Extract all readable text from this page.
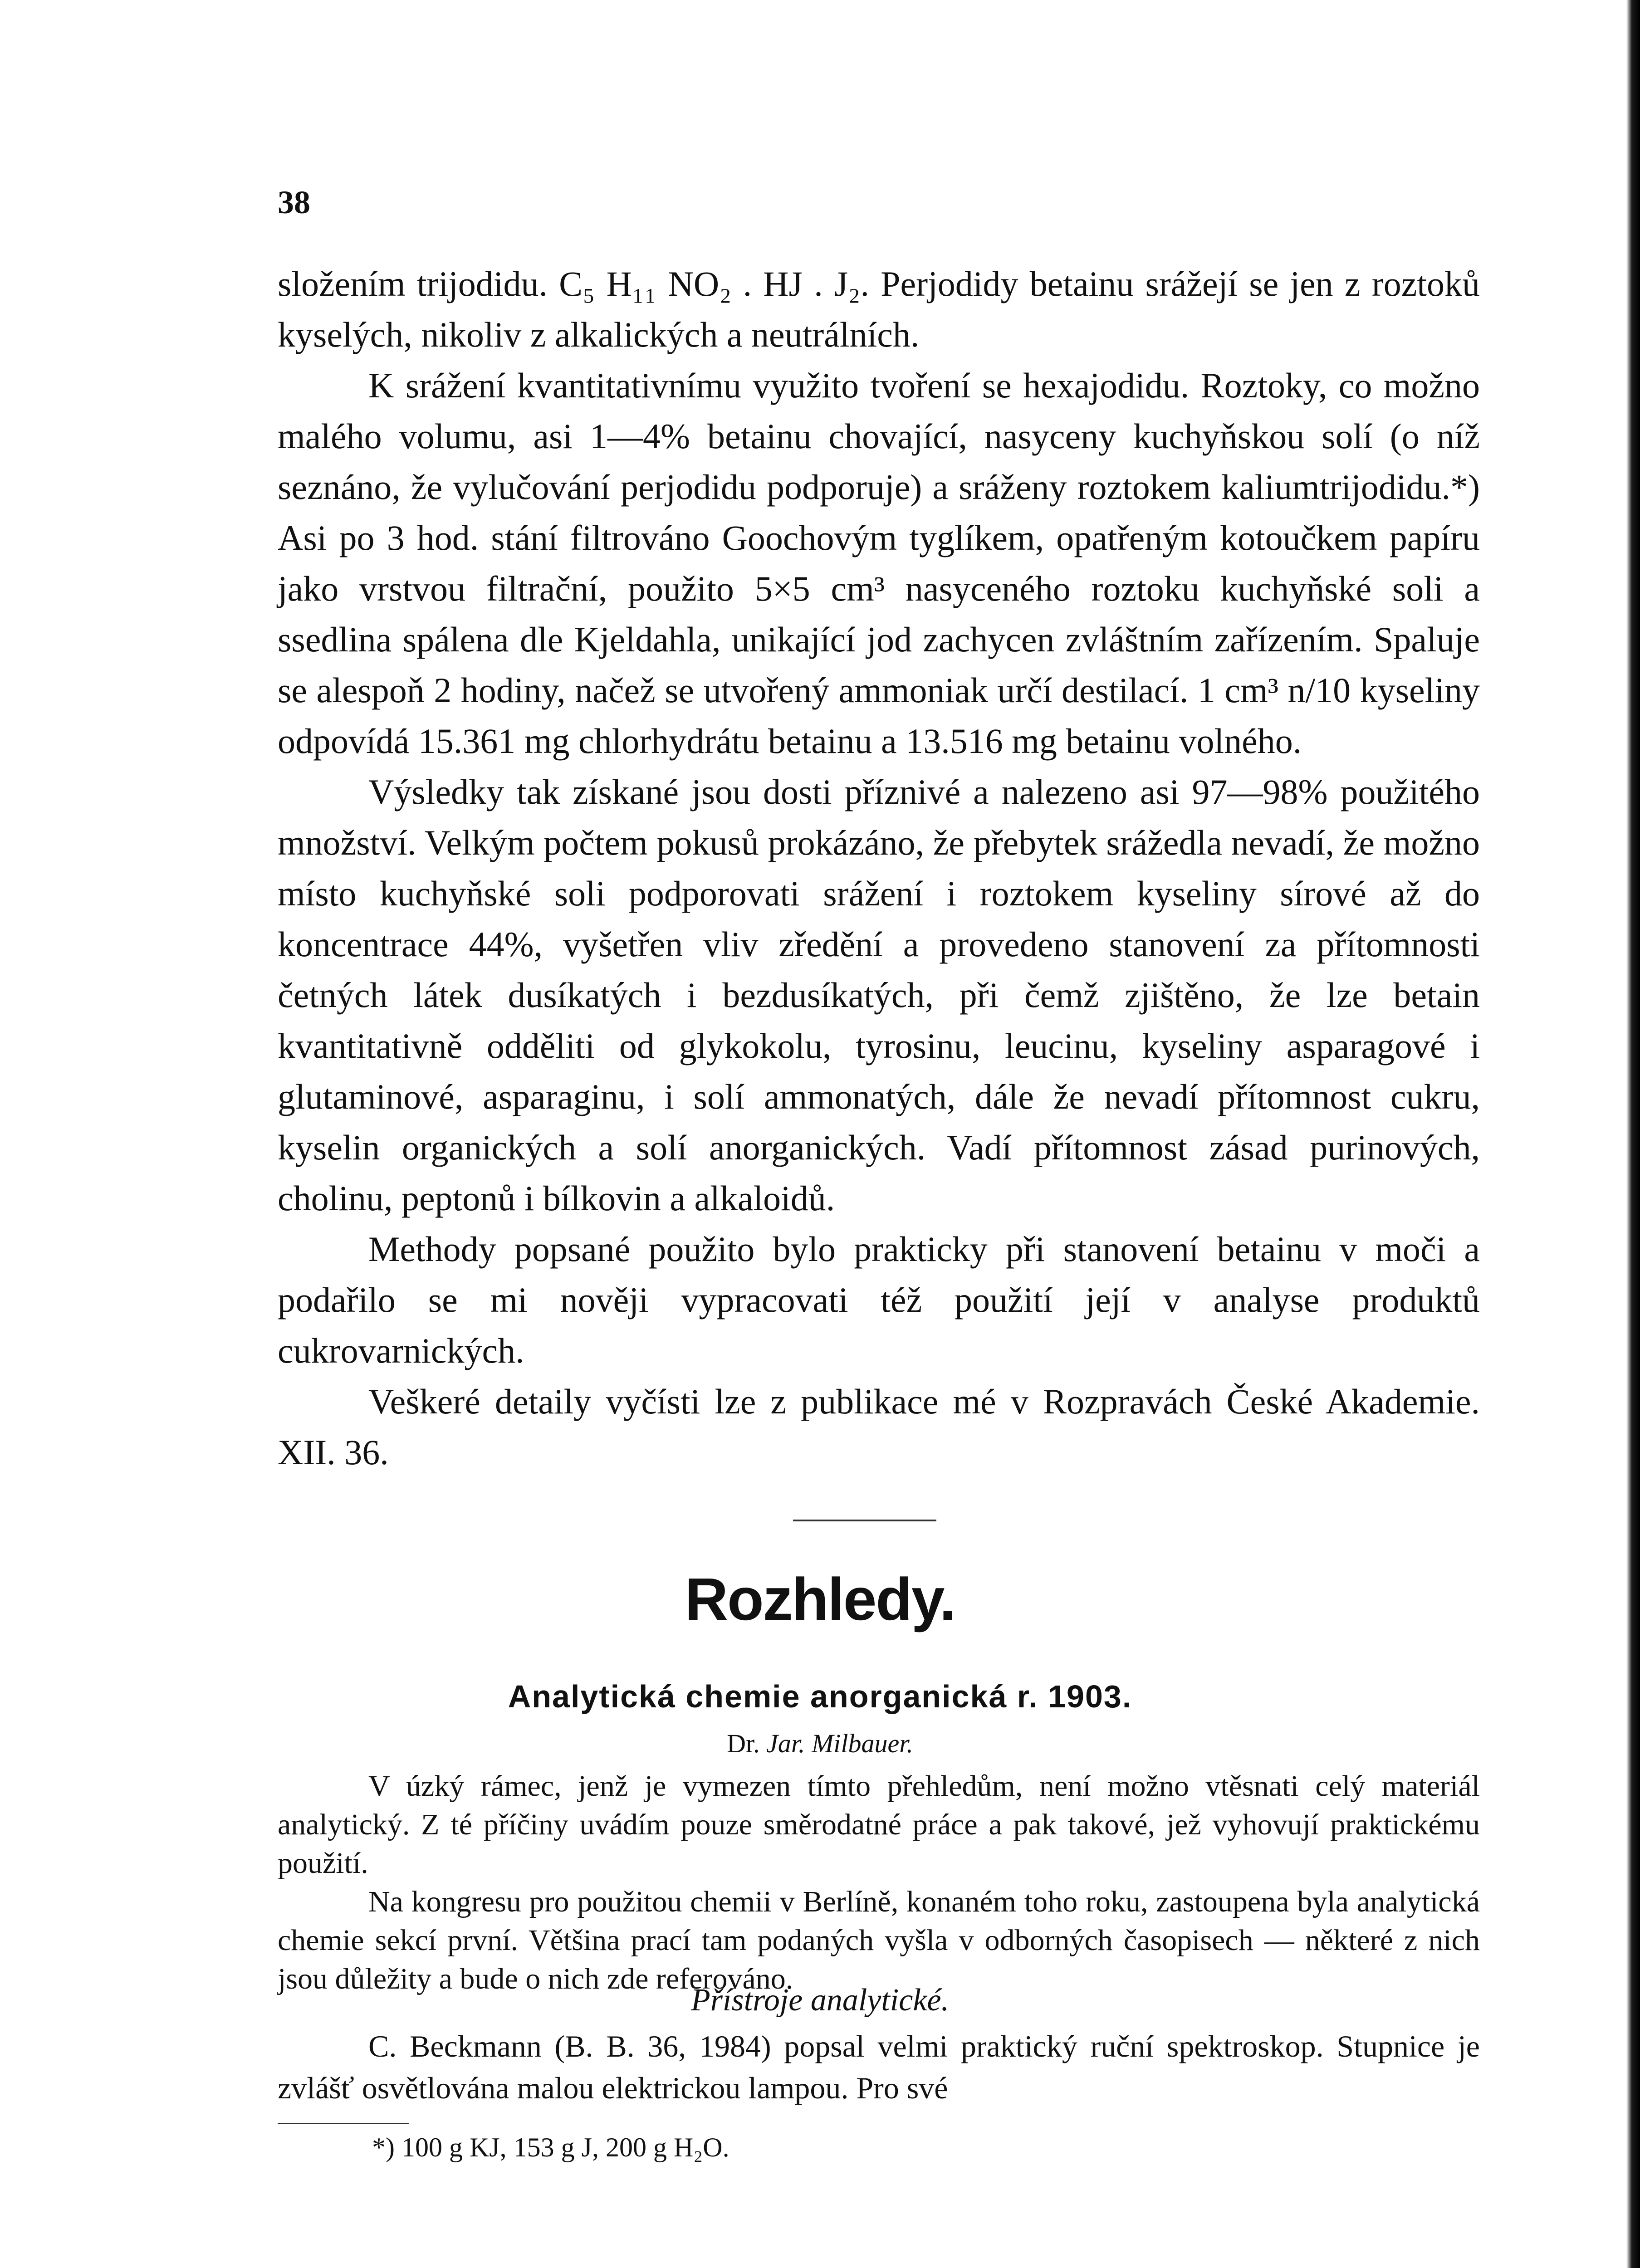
38

složením trijodidu. C₅ H₁₁ NO₂ . HJ . J₂. Perjodidy betainu srážejí se jen z roztoků kyselých, nikoliv z alkalických a neutrálních.

K srážení kvantitativnímu využito tvoření se hexajodidu. Roztoky, co možno malého volumu, asi 1—4% betainu chovající, nasyceny kuchyňskou solí (o níž seznáno, že vylučování perjodidu podporuje) a sráženy roztokem kaliumtrijodidu.*) Asi po 3 hod. stání filtrováno Goochovým tyglíkem, opatřeným kotoučkem papíru jako vrstvou filtrační, použito 5×5 cm³ nasyceného roztoku kuchyňské soli a ssedlina spálena dle Kjeldahla, unikající jod zachycen zvláštním zařízením. Spaluje se alespoň 2 hodiny, načež se utvořený ammoniak určí destilací. 1 cm³ n/10 kyseliny odpovídá 15.361 mg chlorhydrátu betainu a 13.516 mg betainu volného.

Výsledky tak získané jsou dosti příznivé a nalezeno asi 97—98% použitého množství. Velkým počtem pokusů prokázáno, že přebytek srážedla nevadí, že možno místo kuchyňské soli podporovati srážení i roztokem kyseliny sírové až do koncentrace 44%, vyšetřen vliv zředění a provedeno stanovení za přítomnosti četných látek dusíkatých i bezdusíkatých, při čemž zjištěno, že lze betain kvantitativně odděliti od glykokolu, tyrosinu, leucinu, kyseliny asparagové i glutaminové, asparaginu, i solí ammonatých, dále že nevadí přítomnost cukru, kyselin organických a solí anorganických. Vadí přítomnost zásad purinových, cholinu, peptonů i bílkovin a alkaloidů.

Methody popsané použito bylo prakticky při stanovení betainu v moči a podařilo se mi nověji vypracovati též použití její v analyse produktů cukrovarnických.

Veškeré detaily vyčísti lze z publikace mé v Rozpravách České Akademie. XII. 36.

Rozhledy.
Analytická chemie anorganická r. 1903.
Dr. Jar. Milbauer.

V úzký rámec, jenž je vymezen tímto přehledům, není možno vtěsnati celý materiál analytický. Z té příčiny uvádím pouze směrodatné práce a pak takové, jež vyhovují praktickému použití.

Na kongresu pro použitou chemii v Berlíně, konaném toho roku, zastoupena byla analytická chemie sekcí první. Většina prací tam podaných vyšla v odborných časopisech — některé z nich jsou důležity a bude o nich zde referováno.

Přístroje analytické.

C. Beckmann (B. B. 36, 1984) popsal velmi praktický ruční spektroskop. Stupnice je zvlášť osvětlována malou elektrickou lampou. Pro své

*) 100 g KJ, 153 g J, 200 g H₂O.
